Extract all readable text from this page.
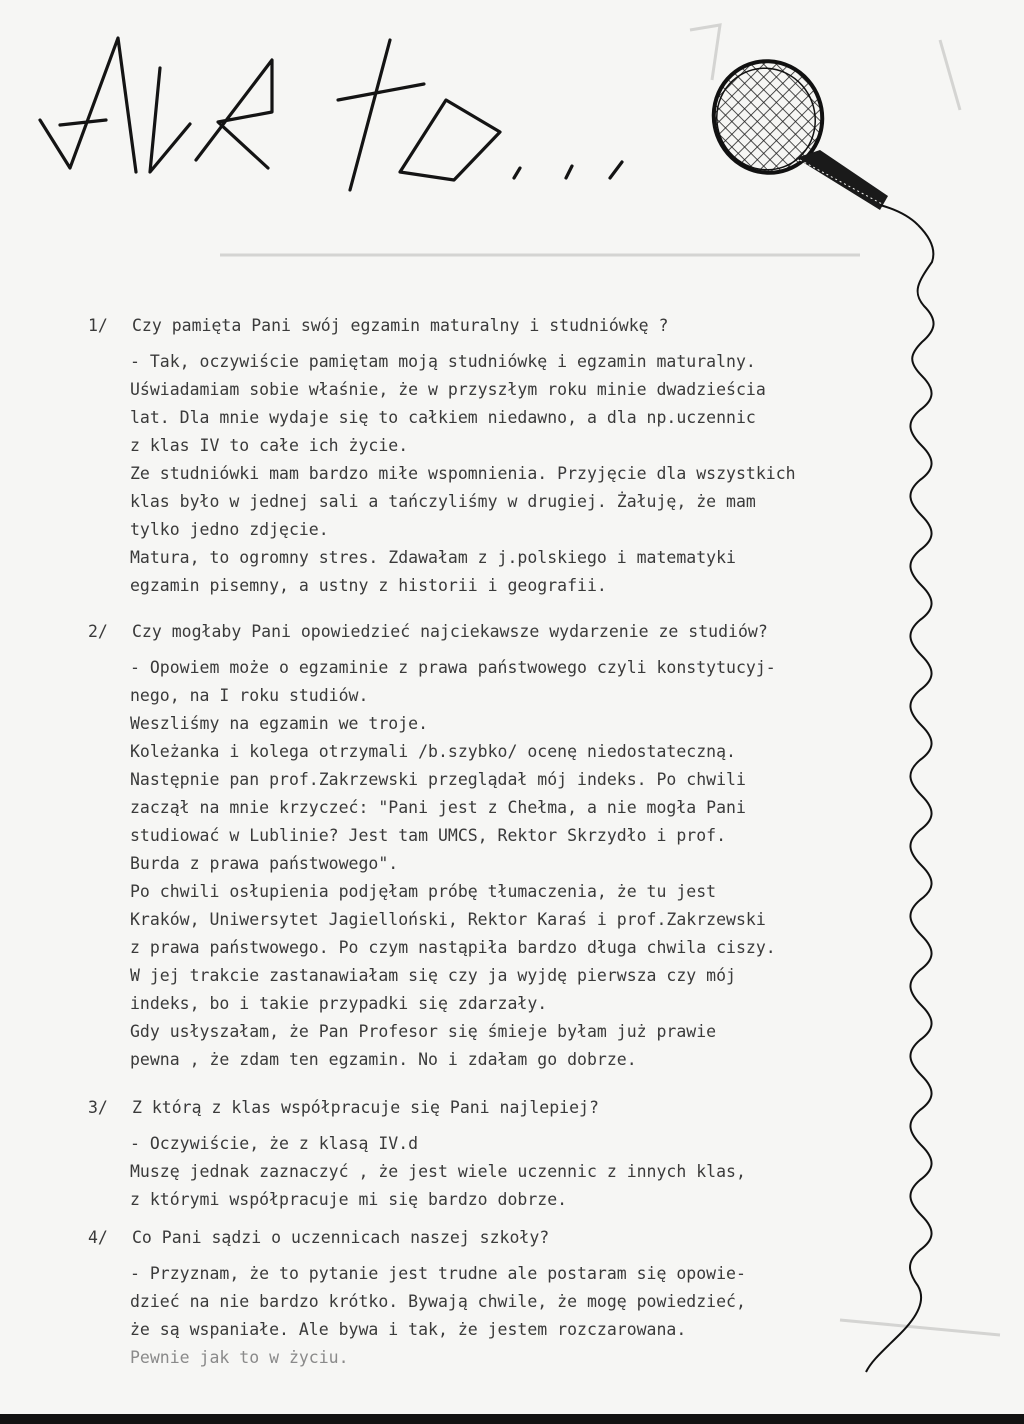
1/ Czy pamięta Pani swój egzamin maturalny i studniówkę ?
- Tak, oczywiście pamiętam moją studniówkę i egzamin maturalny.
Uświadamiam sobie właśnie, że w przyszłym roku minie dwadzieścia
lat. Dla mnie wydaje się to całkiem niedawno, a dla np.uczennic
z klas IV to całe ich życie.
Ze studniówki mam bardzo miłe wspomnienia. Przyjęcie dla wszystkich
klas było w jednej sali a tańczyliśmy w drugiej. Żałuję, że mam
tylko jedno zdjęcie.
Matura, to ogromny stres. Zdawałam z j.polskiego i matematyki
egzamin pisemny, a ustny z historii i geografii.
2/ Czy mogłaby Pani opowiedzieć najciekawsze wydarzenie ze studiów?
- Opowiem może o egzaminie z prawa państwowego czyli konstytucyj-
nego, na I roku studiów.
Weszliśmy na egzamin we troje.
Koleżanka i kolega otrzymali /b.szybko/ ocenę niedostateczną.
Następnie pan prof.Zakrzewski przeglądał mój indeks. Po chwili
zaczął na mnie krzyczeć: "Pani jest z Chełma, a nie mogła Pani
studiować w Lublinie? Jest tam UMCS, Rektor Skrzydło i prof.
Burda z prawa państwowego".
Po chwili osłupienia podjęłam próbę tłumaczenia, że tu jest
Kraków, Uniwersytet Jagielloński, Rektor Karaś i prof.Zakrzewski
z prawa państwowego. Po czym nastąpiła bardzo długa chwila ciszy.
W jej trakcie zastanawiałam się czy ja wyjdę pierwsza czy mój
indeks, bo i takie przypadki się zdarzały.
Gdy usłyszałam, że Pan Profesor się śmieje byłam już prawie
pewna , że zdam ten egzamin. No i zdałam go dobrze.
3/ Z którą z klas współpracuje się Pani najlepiej?
- Oczywiście, że z klasą IV.d
Muszę jednak zaznaczyć , że jest wiele uczennic z innych klas,
z którymi współpracuje mi się bardzo dobrze.
4/ Co Pani sądzi o uczennicach naszej szkoły?
- Przyznam, że to pytanie jest trudne ale postaram się opowie-
dzieć na nie bardzo krótko. Bywają chwile, że mogę powiedzieć,
że są wspaniałe. Ale bywa i tak, że jestem rozczarowana.
Pewnie jak to w życiu.
